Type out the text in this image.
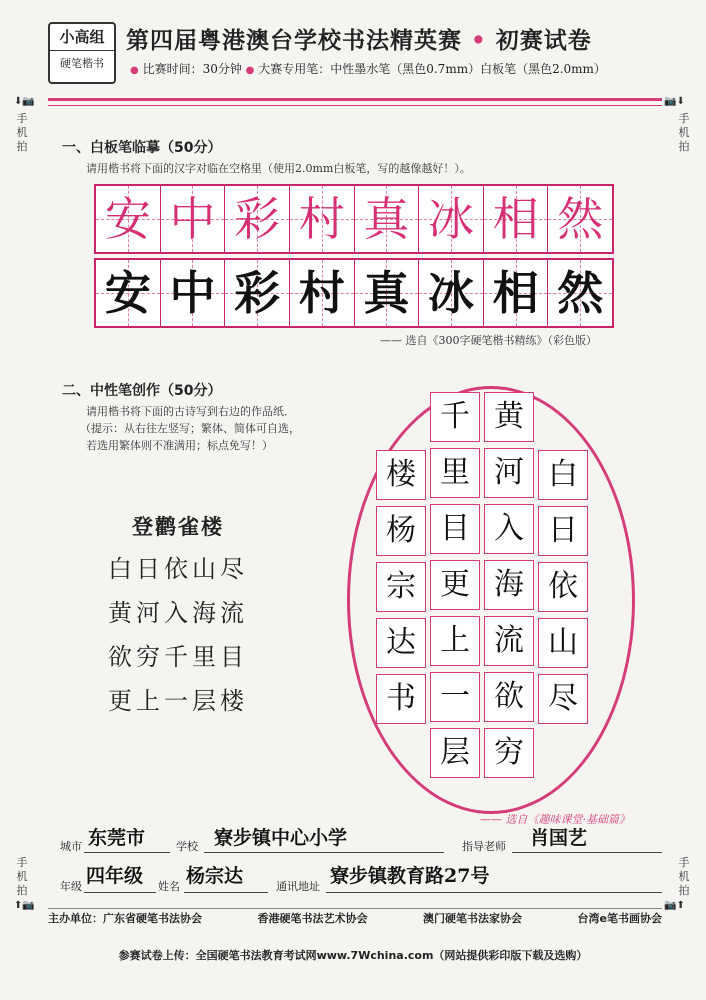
小高组
硬笔楷书
第四届粤港澳台学校书法精英赛 • 初赛试卷
● 比赛时间：30分钟 ● 大赛专用笔：中性墨水笔（黑色0.7mm）白板笔（黑色2.0mm）
⬇📷
手
机
拍
📷⬇
手
机
拍
手
机
拍
⬆📷
手
机
拍
📷⬆
一、白板笔临摹（50分）
请用楷书将下面的汉字对临在空格里（使用2.0mm白板笔，写的越像越好！）。
安 中 彩 村 真 冰 相 然
安 中 彩 村 真 冰 相 然
—— 选自《300字硬笔楷书精练》（彩色版）
二、中性笔创作（50分）
请用楷书将下面的古诗写到右边的作品纸．
（提示：从右往左竖写；繁体、简体可自选，
若选用繁体则不准满用；标点免写！）
登鹳雀楼
白日依山尽
黄河入海流
欲穷千里目
更上一层楼
白
日
依
山
尽
黄
河
入
海
流
欲
穷
千
里
目
更
上
一
层
楼
杨
宗
达
书
—— 选自《趣味课堂·基础篇》
城市 东莞市	学校 寮步镇中心小学	指导老师 肖国艺
年级 四年级 姓名 杨宗达	通讯地址 寮步镇教育路27号
主办单位：广东省硬笔书法协会	香港硬笔书法艺术协会	澳门硬笔书法家协会	台湾e笔书画协会
参赛试卷上传：全国硬笔书法教育考试网www.7Wchina.com（网站提供彩印版下载及选购）
